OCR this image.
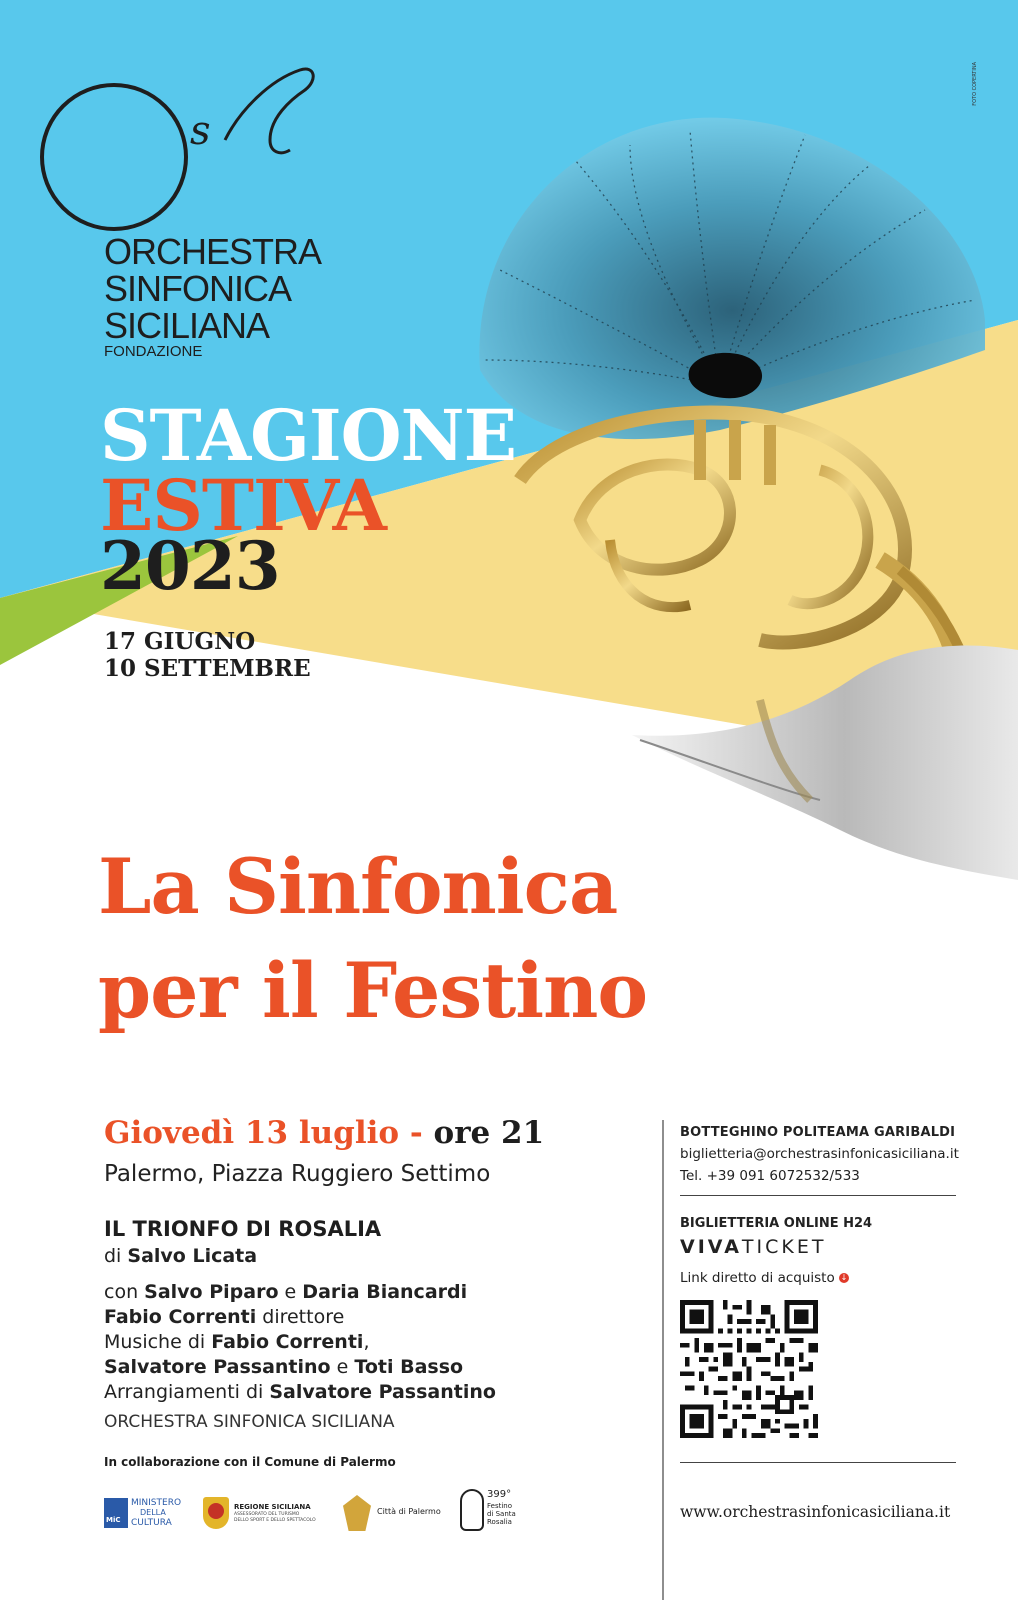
FOTO COPERTINA
s
ORCHESTRA
SINFONICA
SICILIANA
FONDAZIONE
STAGIONE
ESTIVA
2023
17 GIUGNO
10 SETTEMBRE
La Sinfonica
per il Festino
Giovedì 13 luglio - ore 21
Palermo, Piazza Ruggiero Settimo
IL TRIONFO DI ROSALIA
di Salvo Licata
con Salvo Piparo e Daria Biancardi
Fabio Correnti direttore
Musiche di Fabio Correnti,
Salvatore Passantino e Toti Basso
Arrangiamenti di Salvatore Passantino
ORCHESTRA SINFONICA SICILIANA
In collaborazione con il Comune di Palermo
MiC
MINISTERO
DELLA
CULTURA
REGIONE SICILIANA
ASSESSORATO DEL TURISMO
DELLO SPORT E DELLO SPETTACOLO
Città di Palermo
399°
Festino
di Santa
Rosalia
BOTTEGHINO POLITEAMA GARIBALDI
biglietteria@orchestrasinfonicasiciliana.it
Tel. +39 091 6072532/533
BIGLIETTERIA ONLINE H24
VIVATICKET
Link diretto di acquisto ↓
www.orchestrasinfonicasiciliana.it
